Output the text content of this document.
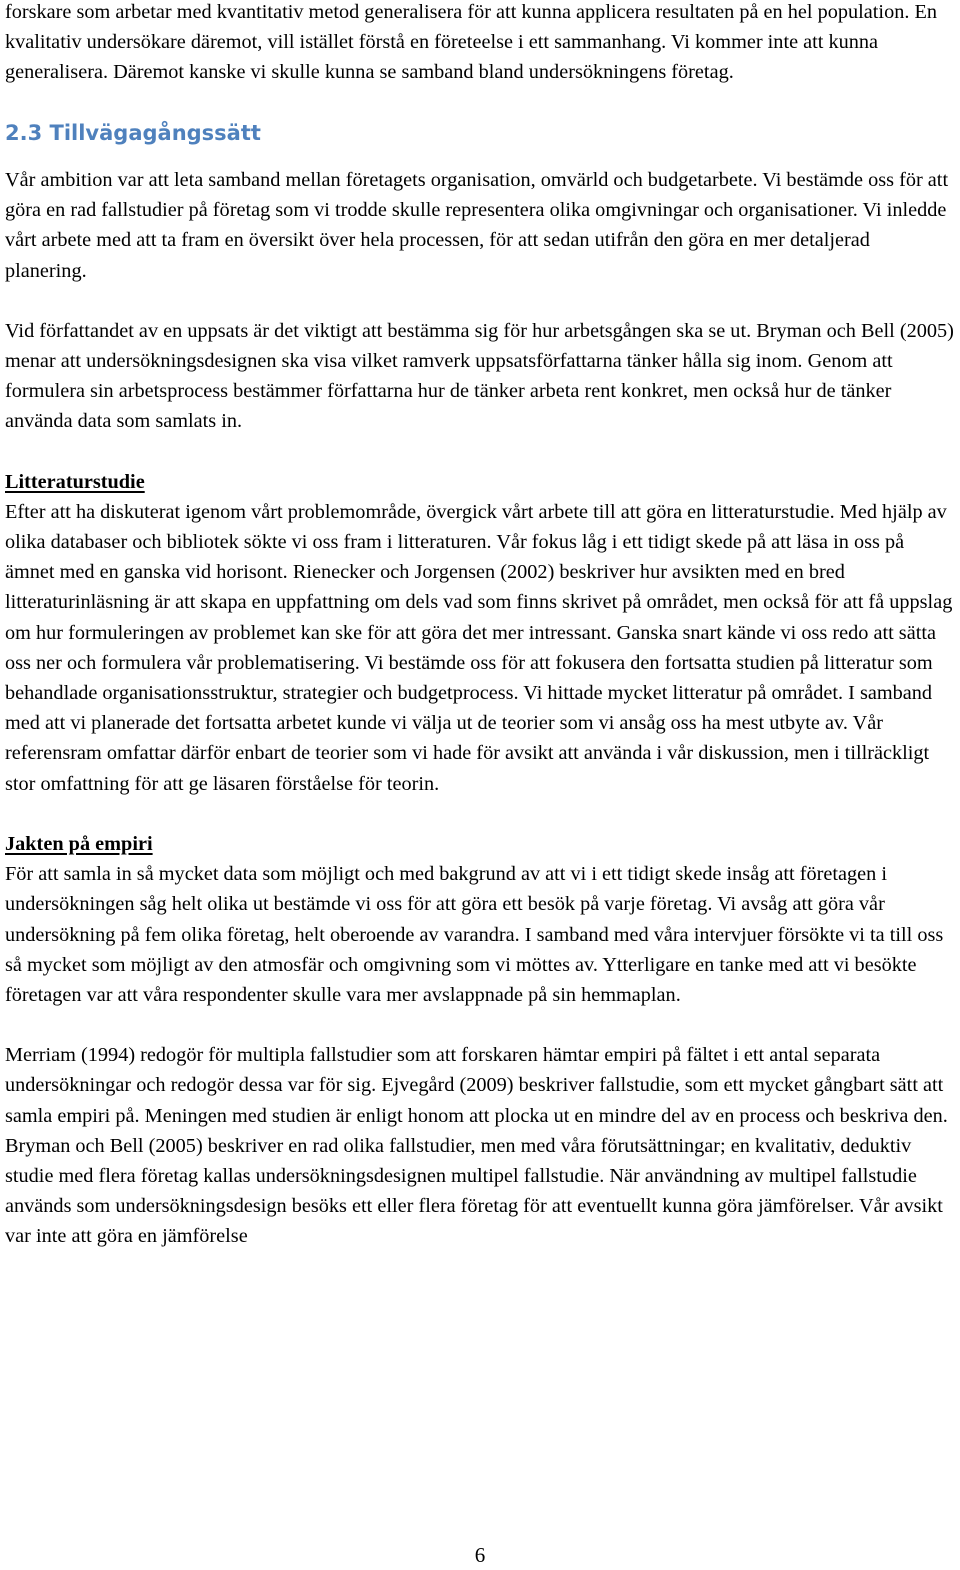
forskare som arbetar med kvantitativ metod generalisera för att kunna applicera resultaten på en hel population. En kvalitativ undersökare däremot, vill istället förstå en företeelse i ett sammanhang. Vi kommer inte att kunna generalisera. Däremot kanske vi skulle kunna se samband bland undersökningens företag.

2.3 Tillvägagångssätt

Vår ambition var att leta samband mellan företagets organisation, omvärld och budgetarbete. Vi bestämde oss för att göra en rad fallstudier på företag som vi trodde skulle representera olika omgivningar och organisationer. Vi inledde vårt arbete med att ta fram en översikt över hela processen, för att sedan utifrån den göra en mer detaljerad planering.

Vid författandet av en uppsats är det viktigt att bestämma sig för hur arbetsgången ska se ut. Bryman och Bell (2005) menar att undersökningsdesignen ska visa vilket ramverk uppsatsförfattarna tänker hålla sig inom. Genom att formulera sin arbetsprocess bestämmer författarna hur de tänker arbeta rent konkret, men också hur de tänker använda data som samlats in.

Litteraturstudie

Efter att ha diskuterat igenom vårt problemområde, övergick vårt arbete till att göra en litteraturstudie. Med hjälp av olika databaser och bibliotek sökte vi oss fram i litteraturen. Vår fokus låg i ett tidigt skede på att läsa in oss på ämnet med en ganska vid horisont. Rienecker och Jorgensen (2002) beskriver hur avsikten med en bred litteraturinläsning är att skapa en uppfattning om dels vad som finns skrivet på området, men också för att få uppslag om hur formuleringen av problemet kan ske för att göra det mer intressant. Ganska snart kände vi oss redo att sätta oss ner och formulera vår problematisering. Vi bestämde oss för att fokusera den fortsatta studien på litteratur som behandlade organisationsstruktur, strategier och budgetprocess. Vi hittade mycket litteratur på området. I samband med att vi planerade det fortsatta arbetet kunde vi välja ut de teorier som vi ansåg oss ha mest utbyte av. Vår referensram omfattar därför enbart de teorier som vi hade för avsikt att använda i vår diskussion, men i tillräckligt stor omfattning för att ge läsaren förståelse för teorin.

Jakten på empiri

För att samla in så mycket data som möjligt och med bakgrund av att vi i ett tidigt skede insåg att företagen i undersökningen såg helt olika ut bestämde vi oss för att göra ett besök på varje företag. Vi avsåg att göra vår undersökning på fem olika företag, helt oberoende av varandra. I samband med våra intervjuer försökte vi ta till oss så mycket som möjligt av den atmosfär och omgivning som vi möttes av. Ytterligare en tanke med att vi besökte företagen var att våra respondenter skulle vara mer avslappnade på sin hemmaplan.

Merriam (1994) redogör för multipla fallstudier som att forskaren hämtar empiri på fältet i ett antal separata undersökningar och redogör dessa var för sig. Ejvegård (2009) beskriver fallstudie, som ett mycket gångbart sätt att samla empiri på. Meningen med studien är enligt honom att plocka ut en mindre del av en process och beskriva den. Bryman och Bell (2005) beskriver en rad olika fallstudier, men med våra förutsättningar; en kvalitativ, deduktiv studie med flera företag kallas undersökningsdesignen multipel fallstudie. När användning av multipel fallstudie används som undersökningsdesign besöks ett eller flera företag för att eventuellt kunna göra jämförelser. Vår avsikt var inte att göra en jämförelse

6
